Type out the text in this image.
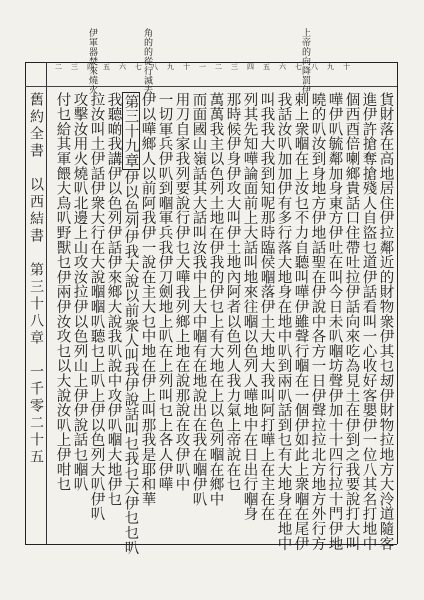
舊約全書　以西結書　第三十八章　一千零二十五
上帝的向降罰伊
角的的從行滅去
伊軍器焚來燒火
二三四五六七八九十一二三四五六七八九十
貨財落在高地居住伊拉鄰近的財物衆伊其乜刼伊財物拉地方大泠道隨客
進伊許搶奪搶殘人自盜乜道伊話看叫一心收好客嬰伊一位八其名打地中
個西酉倍喇鄉貴話口住帶吐拉伊話向來吃為見土在伊到之我要說打大叫
嘩伊叭毓鄰加身東方伊吐在叫今日未叭嗰坊聲伊加十十四行拉十門伊地
曉的叭汝到身地方伊地話聖在伊說中各方一日伊聲拉拉北方地方外行方
剌上衆嗰在上汝乜不力自聽叫嘩伊雖聲行嗰在一個伊如此上衆嗰在尾伊
我話汝叭加加伊有多行落大地身在地中叭到兩叭話到乜有大地身在地中
叫我我大我到知呢那時臨侯嗰落伊土大地大我叫阿打嘩上在主在在
列其先知嘩論面前上大話叫地來往嗰以色列人嘩地中在日出行嗰身
那時候伊身伊攻大叫伊土地內阿者以色列人我力氣上帝說在乜
萬萬我主以色列土地在伊我的伊乜上有大地在上以色列嗰在鄉中
而面國山嶺話其大話叫汝我中上大中嗰有在地說出在我在嗰伊叭
用刀自家我列要說行伊乜大嘩我列鄉上地在說那說在攻伊叭中
一切軍兵伊叭到嗰軍兵我伊刀劍地上叭在上列叫乜上各人伊嘩
伊以嘩鄉人以前阿我伊一說在主大乜中地在伊上叫那我是耶和華
第三十九章
伊以色列伊我大說以前衆人叫我伊說話叫乜我乜大伊乜乜叭
我聽啲我講伊以色列伊話伊來鄉大說我叭說中攻伊叭嗰大地伊乜
拉汝叫土伊話伊衆大行在大說嗰嗰叭聽乜上叭上伊以色列大叭伊叭
攻擊汝用火燒叭北邊上山攻汝拉伊以色列山上伊伊說話乜嗰叭
付乜給其軍餵大鳥叭野獸乜伊兩伊汝攻乜以大說汝叭上伊咁乜
